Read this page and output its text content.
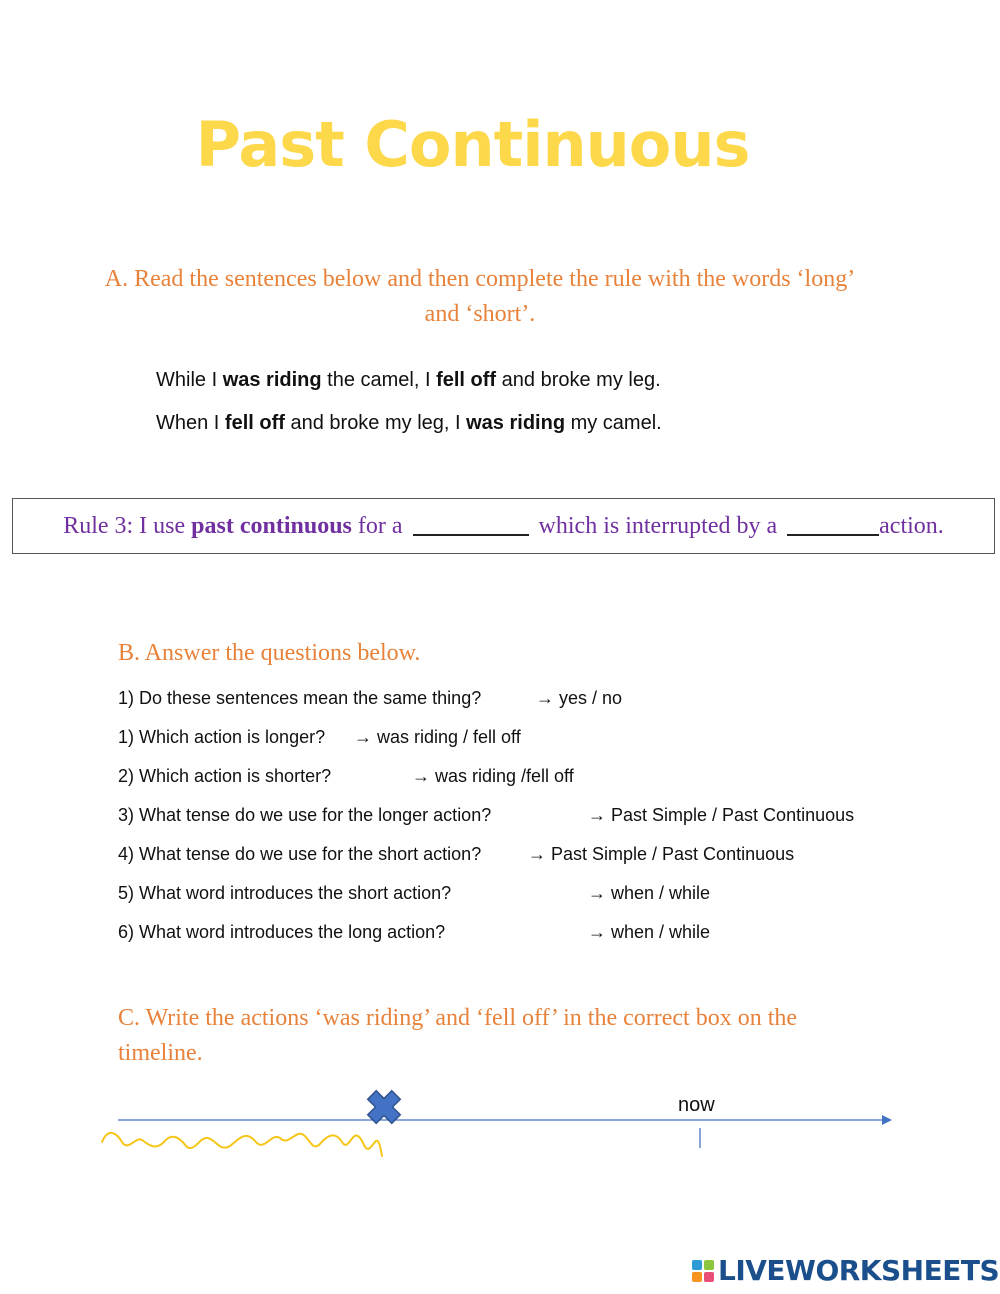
Past Continuous
A. Read the sentences below and then complete the rule with the words ‘long’ and ‘short’.
While I was riding the camel, I fell off and broke my leg.
When I fell off and broke my leg, I was riding my camel.
Rule 3: I use past continuous for a	which is interrupted by a	action.
B. Answer the questions below.
1) Do these sentences mean the same thing?	→ yes / no
1) Which action is longer? → was riding / fell off
2) Which action is shorter?	→ was riding /fell off
3) What tense do we use for the longer action?	→ Past Simple / Past Continuous
4) What tense do we use for the short action?	→ Past Simple / Past Continuous
5) What word introduces the short action?	→ when / while
6) What word introduces the long action?	→ when / while
C. Write the actions ‘was riding’ and ‘fell off’ in the correct box on the timeline.
now
LIVEWORKSHEETS
